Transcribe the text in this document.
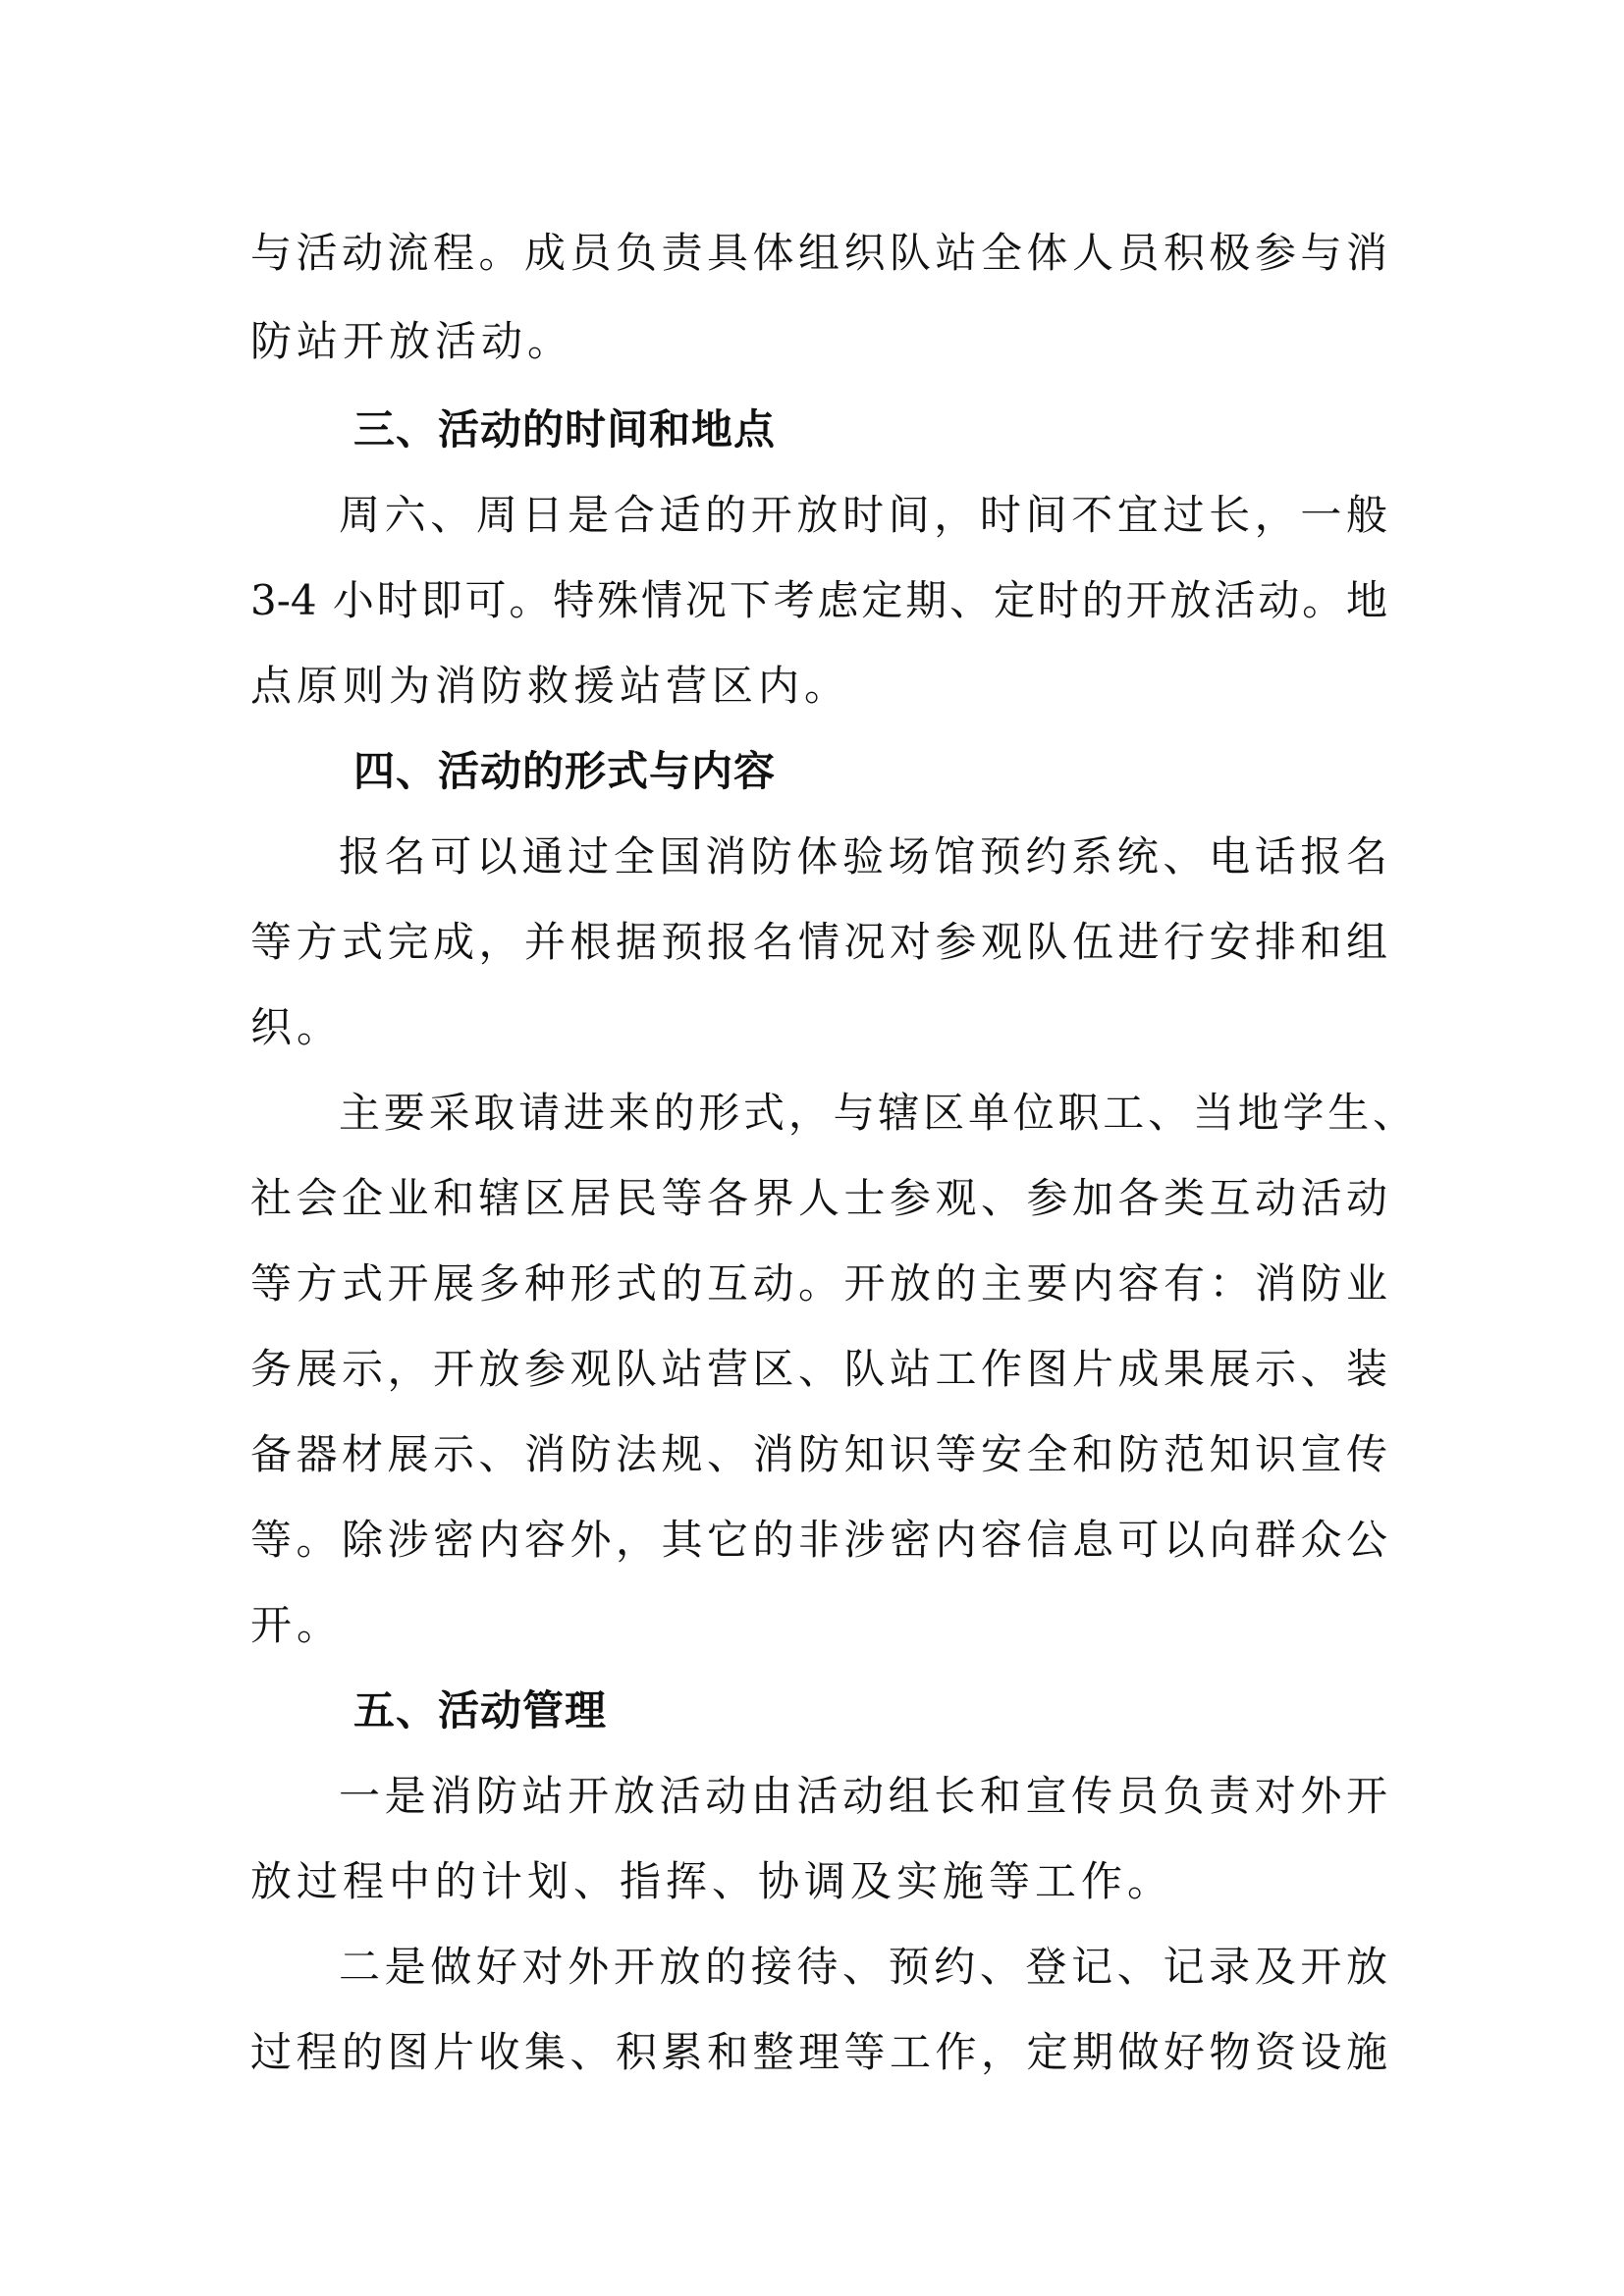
与活动流程。成员负责具体组织队站全体人员积极参与消
防站开放活动。
三、活动的时间和地点
周六、周日是合适的开放时间，时间不宜过长，一般
3-4 小时即可。特殊情况下考虑定期、定时的开放活动。地
点原则为消防救援站营区内。
四、活动的形式与内容
报名可以通过全国消防体验场馆预约系统、电话报名
等方式完成，并根据预报名情况对参观队伍进行安排和组
织。
主要采取请进来的形式，与辖区单位职工、当地学生、
社会企业和辖区居民等各界人士参观、参加各类互动活动
等方式开展多种形式的互动。开放的主要内容有：消防业
务展示，开放参观队站营区、队站工作图片成果展示、装
备器材展示、消防法规、消防知识等安全和防范知识宣传
等。除涉密内容外，其它的非涉密内容信息可以向群众公
开。
五、活动管理
一是消防站开放活动由活动组长和宣传员负责对外开
放过程中的计划、指挥、协调及实施等工作。
二是做好对外开放的接待、预约、登记、记录及开放
过程的图片收集、积累和整理等工作，定期做好物资设施
